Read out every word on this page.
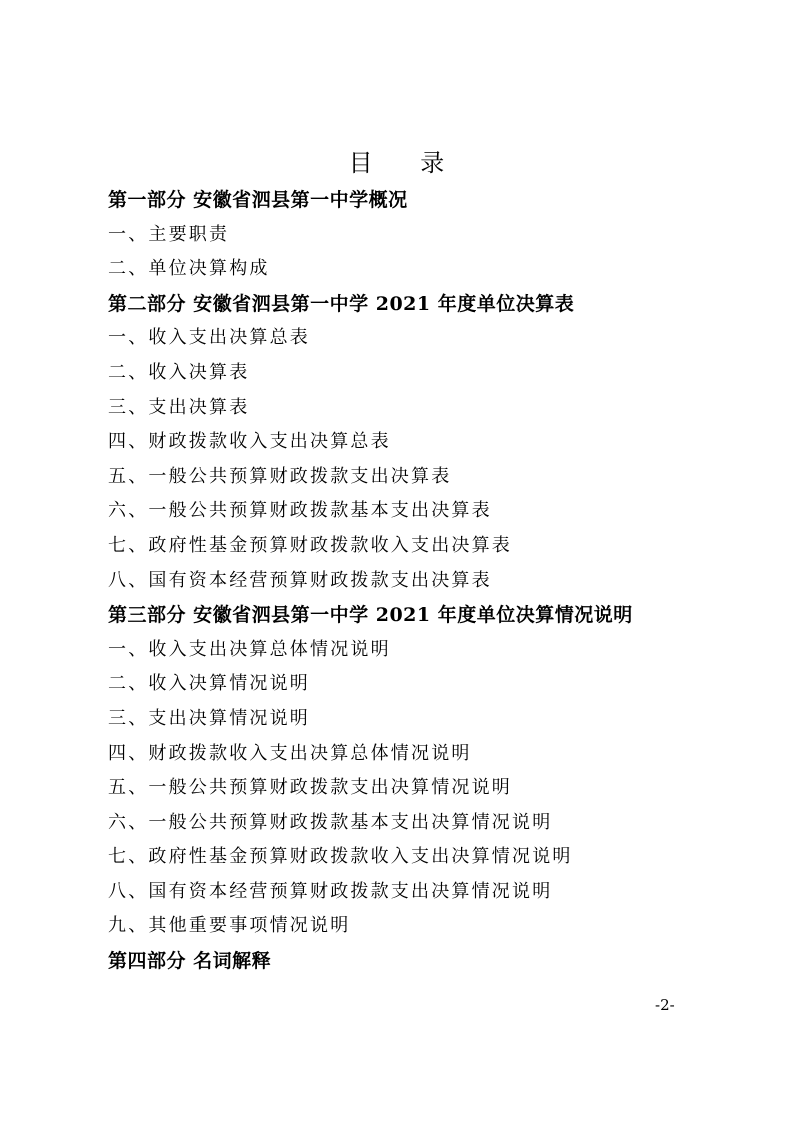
目 录
第一部分 安徽省泗县第一中学概况
一、主要职责
二、单位决算构成
第二部分 安徽省泗县第一中学 2021 年度单位决算表
一、收入支出决算总表
二、收入决算表
三、支出决算表
四、财政拨款收入支出决算总表
五、一般公共预算财政拨款支出决算表
六、一般公共预算财政拨款基本支出决算表
七、政府性基金预算财政拨款收入支出决算表
八、国有资本经营预算财政拨款支出决算表
第三部分 安徽省泗县第一中学 2021 年度单位决算情况说明
一、收入支出决算总体情况说明
二、收入决算情况说明
三、支出决算情况说明
四、财政拨款收入支出决算总体情况说明
五、一般公共预算财政拨款支出决算情况说明
六、一般公共预算财政拨款基本支出决算情况说明
七、政府性基金预算财政拨款收入支出决算情况说明
八、国有资本经营预算财政拨款支出决算情况说明
九、其他重要事项情况说明
第四部分 名词解释
-2-
